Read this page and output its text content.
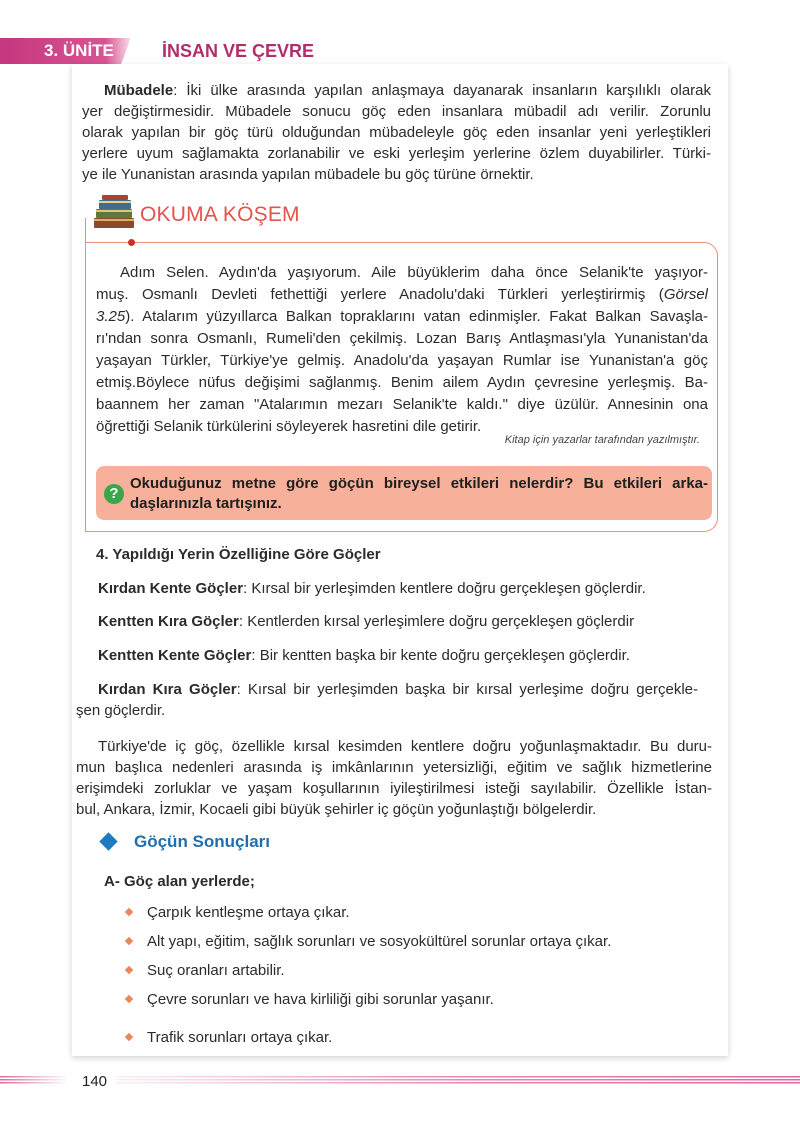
3. ÜNİTE	İNSAN VE ÇEVRE
Mübadele: İki ülke arasında yapılan anlaşmaya dayanarak insanların karşılıklı olarak
yer değiştirmesidir. Mübadele sonucu göç eden insanlara mübadil adı verilir. Zorunlu
olarak yapılan bir göç türü olduğundan mübadeleyle göç eden insanlar yeni yerleştikleri
yerlere uyum sağlamakta zorlanabilir ve eski yerleşim yerlerine özlem duyabilirler. Türki-
ye ile Yunanistan arasında yapılan mübadele bu göç türüne örnektir.
OKUMA KÖŞEM
Adım Selen. Aydın'da yaşıyorum. Aile büyüklerim daha önce Selanik'te yaşıyor-
muş. Osmanlı Devleti fethettiği yerlere Anadolu'daki Türkleri yerleştirirmiş (Görsel
3.25). Atalarım yüzyıllarca Balkan topraklarını vatan edinmişler. Fakat Balkan Savaşla-
rı'ndan sonra Osmanlı, Rumeli'den çekilmiş. Lozan Barış Antlaşması'yla Yunanistan'da
yaşayan Türkler, Türkiye'ye gelmiş. Anadolu'da yaşayan Rumlar ise Yunanistan'a göç
etmiş.Böylece nüfus değişimi sağlanmış. Benim ailem Aydın çevresine yerleşmiş. Ba-
baannem her zaman "Atalarımın mezarı Selanik'te kaldı." diye üzülür. Annesinin ona
öğrettiği Selanik türkülerini söyleyerek hasretini dile getirir.
Kitap için yazarlar tarafından yazılmıştır.
?
Okuduğunuz metne göre göçün bireysel etkileri nelerdir? Bu etkileri arka-
daşlarınızla tartışınız.
4. Yapıldığı Yerin Özelliğine Göre Göçler
Kırdan Kente Göçler: Kırsal bir yerleşimden kentlere doğru gerçekleşen göçlerdir.
Kentten Kıra Göçler: Kentlerden kırsal yerleşimlere doğru gerçekleşen göçlerdir
Kentten Kente Göçler: Bir kentten başka bir kente doğru gerçekleşen göçlerdir.
Kırdan Kıra Göçler: Kırsal bir yerleşimden başka bir kırsal yerleşime doğru gerçekle-
şen göçlerdir.
Türkiye'de iç göç, özellikle kırsal kesimden kentlere doğru yoğunlaşmaktadır. Bu duru-
mun başlıca nedenleri arasında iş imkânlarının yetersizliği, eğitim ve sağlık hizmetlerine
erişimdeki zorluklar ve yaşam koşullarının iyileştirilmesi isteği sayılabilir. Özellikle İstan-
bul, Ankara, İzmir, Kocaeli gibi büyük şehirler iç göçün yoğunlaştığı bölgelerdir.
Göçün Sonuçları
A- Göç alan yerlerde;
Çarpık kentleşme ortaya çıkar.
Alt yapı, eğitim, sağlık sorunları ve sosyokültürel sorunlar ortaya çıkar.
Suç oranları artabilir.
Çevre sorunları ve hava kirliliği gibi sorunlar yaşanır.
Trafik sorunları ortaya çıkar.
140
